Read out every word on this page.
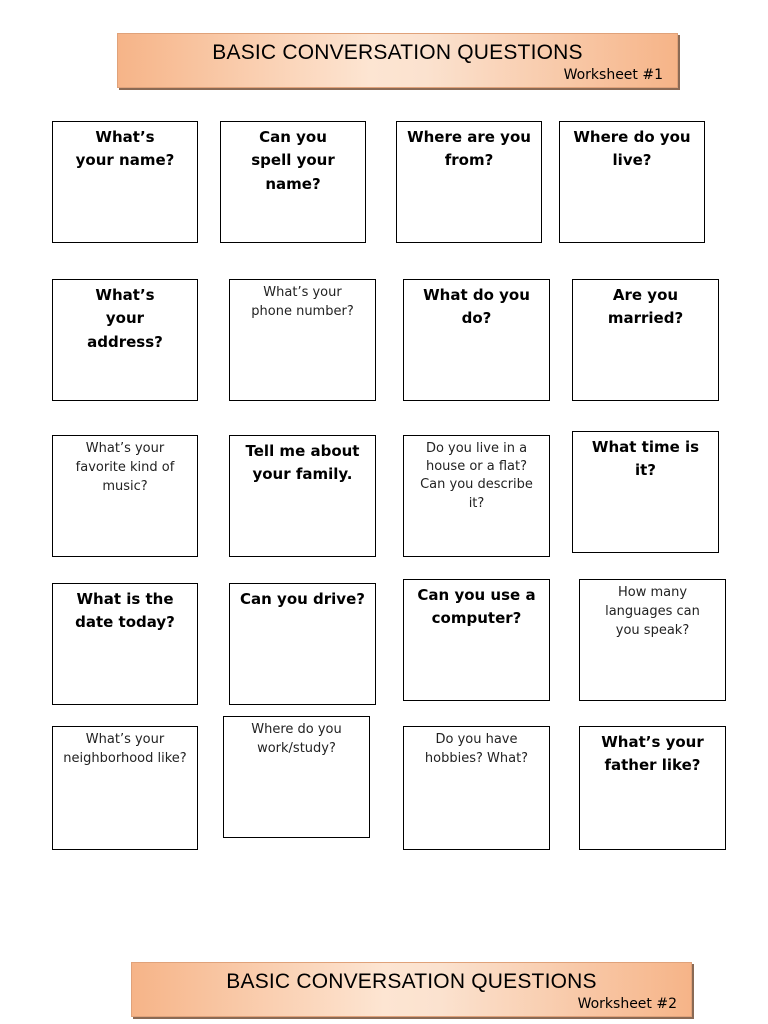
BASIC CONVERSATION QUESTIONS
Worksheet #1
What’s your name?
Can you spell your name?
Where are you from?
Where do you live?
What’s your address?
What’s your phone number?
What do you do?
Are you married?
What’s your favorite kind of music?
Tell me about your family.
Do you live in a house or a flat? Can you describe it?
What time is it?
What is the date today?
Can you drive?	Can you use a computer?
How many languages can you speak?
What’s your neighborhood like?
Where do you work/study?
Do you have hobbies? What?
What’s your father like?
BASIC CONVERSATION QUESTIONS
Worksheet #2
